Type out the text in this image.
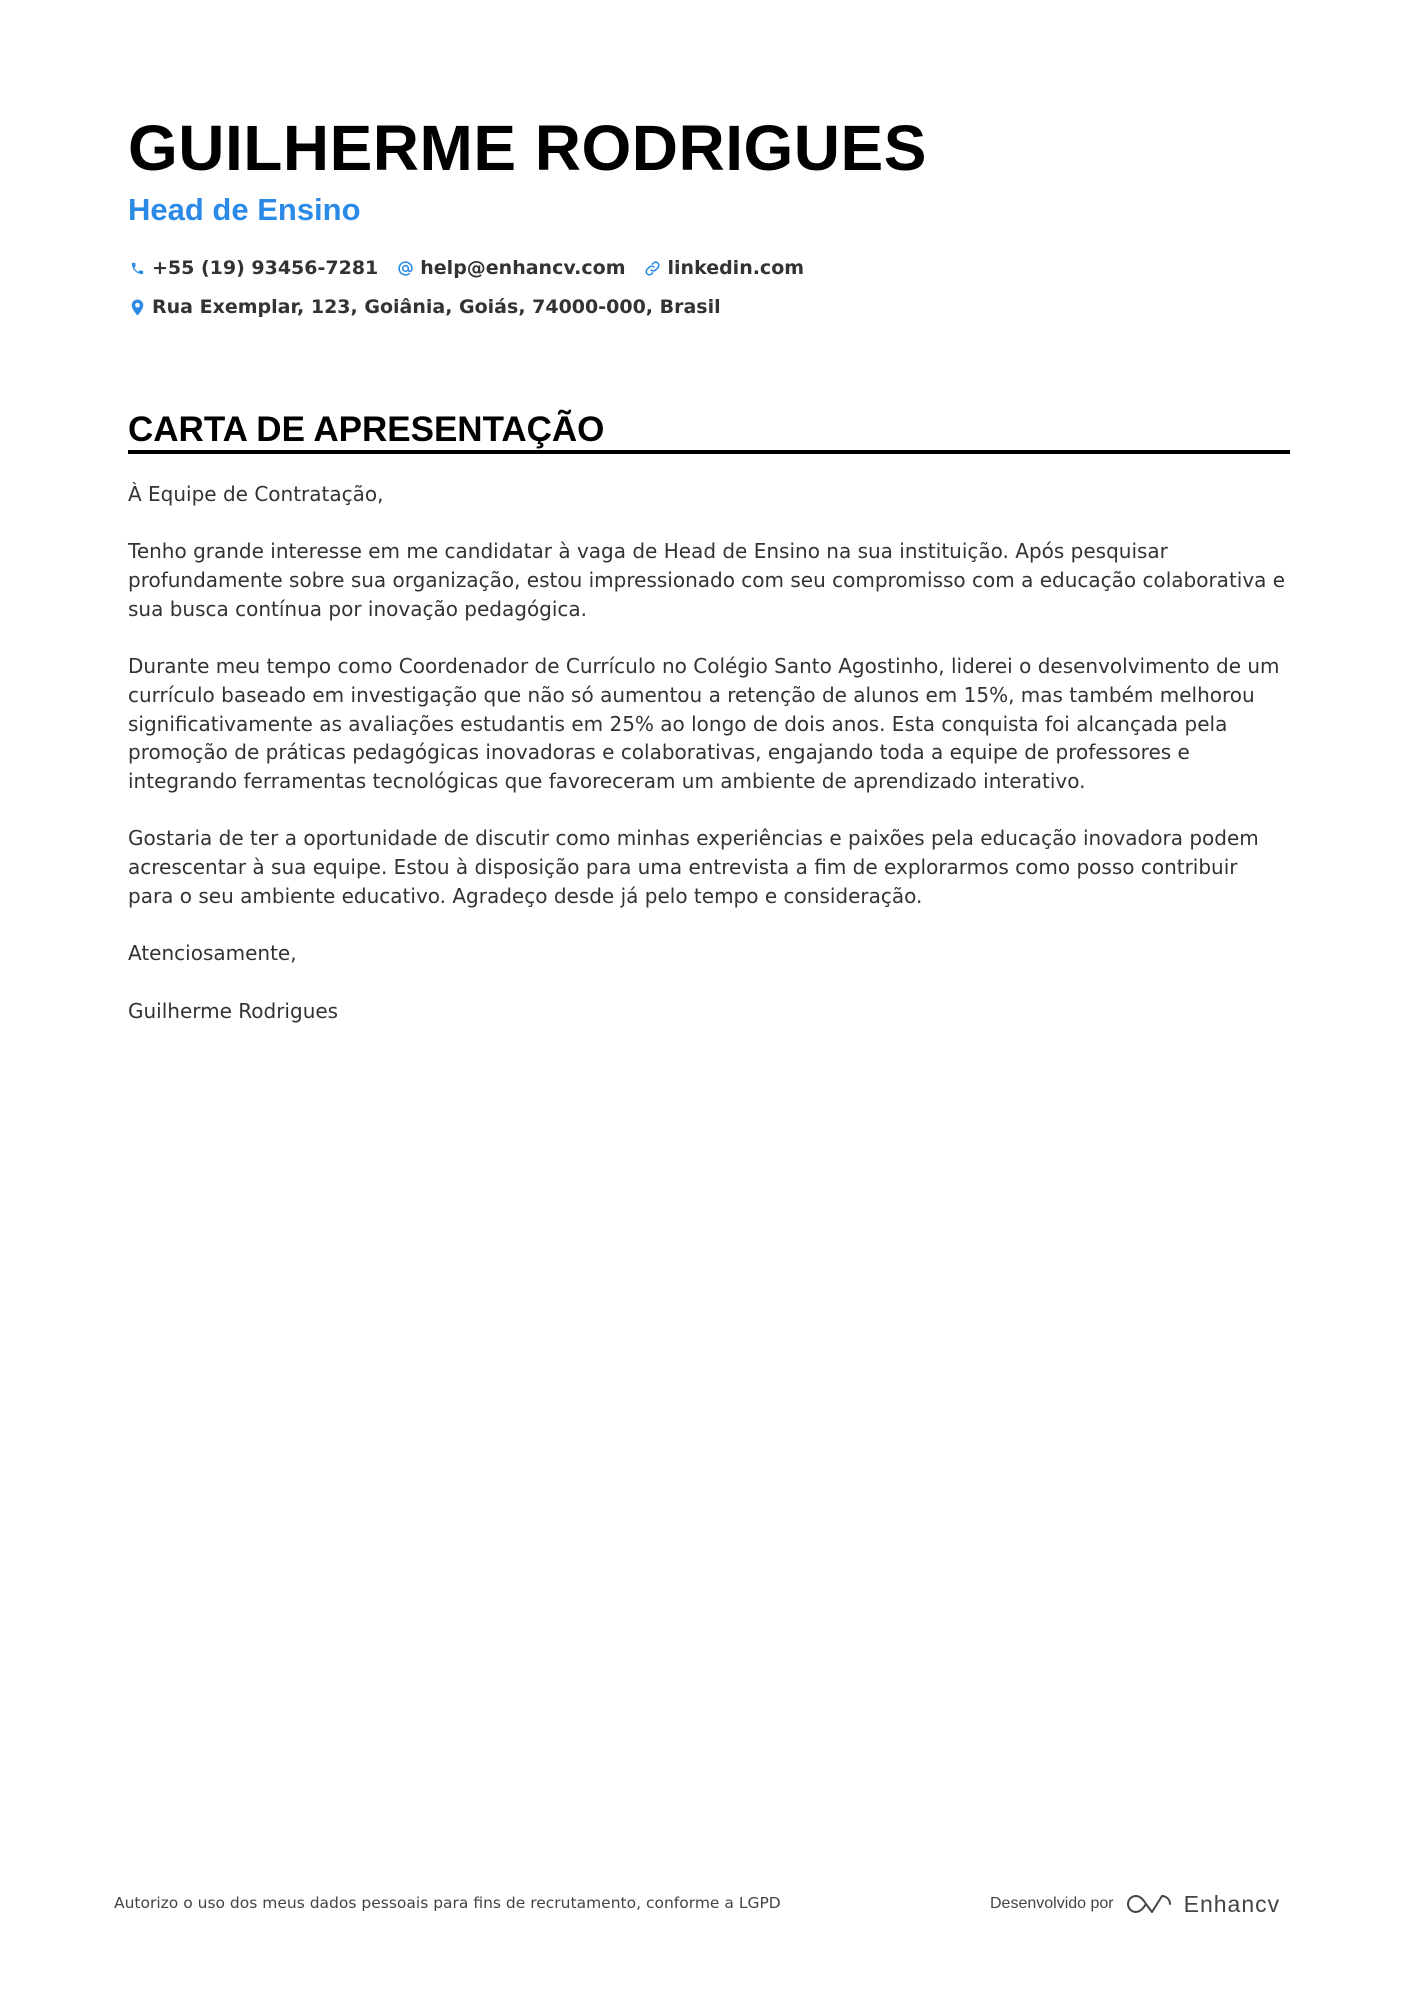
GUILHERME RODRIGUES
Head de Ensino
+55 (19) 93456-7281 help@enhancv.com linkedin.com
Rua Exemplar, 123, Goiânia, Goiás, 74000-000, Brasil
CARTA DE APRESENTAÇÃO

À Equipe de Contratação,

Tenho grande interesse em me candidatar à vaga de Head de Ensino na sua instituição. Após pesquisar profundamente sobre sua organização, estou impressionado com seu compromisso com a educação colaborativa e sua busca contínua por inovação pedagógica.

Durante meu tempo como Coordenador de Currículo no Colégio Santo Agostinho, liderei o desenvolvimento de um currículo baseado em investigação que não só aumentou a retenção de alunos em 15%, mas também melhorou significativamente as avaliações estudantis em 25% ao longo de dois anos. Esta conquista foi alcançada pela promoção de práticas pedagógicas inovadoras e colaborativas, engajando toda a equipe de professores e integrando ferramentas tecnológicas que favoreceram um ambiente de aprendizado interativo.

Gostaria de ter a oportunidade de discutir como minhas experiências e paixões pela educação inovadora podem acrescentar à sua equipe. Estou à disposição para uma entrevista a fim de explorarmos como posso contribuir para o seu ambiente educativo. Agradeço desde já pelo tempo e consideração.

Atenciosamente,

Guilherme Rodrigues

Autorizo o uso dos meus dados pessoais para fins de recrutamento, conforme a LGPD	Desenvolvido por	Enhancv
